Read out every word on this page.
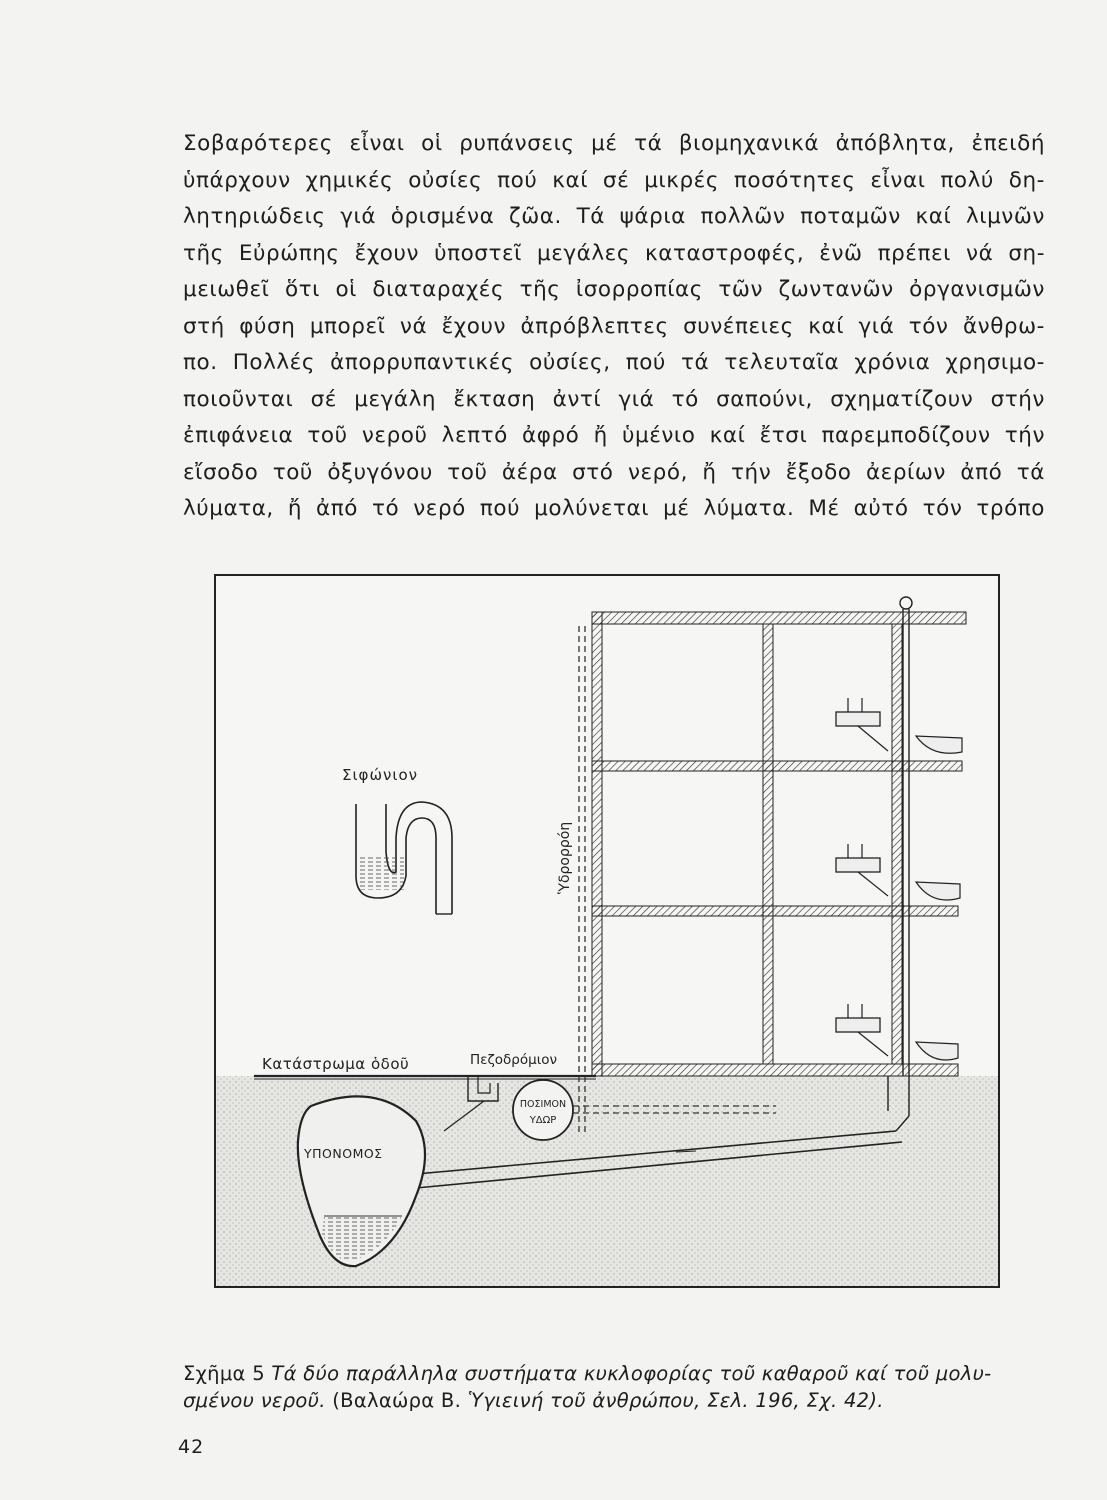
Σοβαρότερες εἶναι οἱ ρυπάνσεις μέ τά βιομηχανικά ἀπόβλητα, ἐπειδή
ὑπάρχουν χημικές οὐσίες πού καί σέ μικρές ποσότητες εἶναι πολύ δη-
λητηριώδεις γιά ὁρισμένα ζῶα. Τά ψάρια πολλῶν ποταμῶν καί λιμνῶν
τῆς Εὐρώπης ἔχουν ὑποστεῖ μεγάλες καταστροφές, ἐνῶ πρέπει νά ση-
μειωθεῖ ὅτι οἱ διαταραχές τῆς ἰσορροπίας τῶν ζωντανῶν ὀργανισμῶν
στή φύση μπορεῖ νά ἔχουν ἀπρόβλεπτες συνέπειες καί γιά τόν ἄνθρω-
πο. Πολλές ἀπορρυπαντικές οὐσίες, πού τά τελευταῖα χρόνια χρησιμο-
ποιοῦνται σέ μεγάλη ἔκταση ἀντί γιά τό σαπούνι, σχηματίζουν στήν
ἐπιφάνεια τοῦ νεροῦ λεπτό ἀφρό ἤ ὑμένιο καί ἔτσι παρεμποδίζουν τήν
εἴσοδο τοῦ ὀξυγόνου τοῦ ἀέρα στό νερό, ἤ τήν ἔξοδο ἀερίων ἀπό τά
λύματα, ἤ ἀπό τό νερό πού μολύνεται μέ λύματα. Μέ αὐτό τόν τρόπο
Σιφώνιον
Κατάστρωμα ὁδοῦ	Πεζοδρόμιον
Ὑδρορρόη
ΠΟΣΙΜΟΝ
ΥΔΩΡ
ΥΠΟΝΟΜΟΣ
Σχῆμα 5 Τά δύο παράλληλα συστήματα κυκλοφορίας τοῦ καθαροῦ καί τοῦ μολυ-
σμένου νεροῦ. (Βαλαώρα Β. Ὑγιεινή τοῦ ἀνθρώπου, Σελ. 196, Σχ. 42).
42
